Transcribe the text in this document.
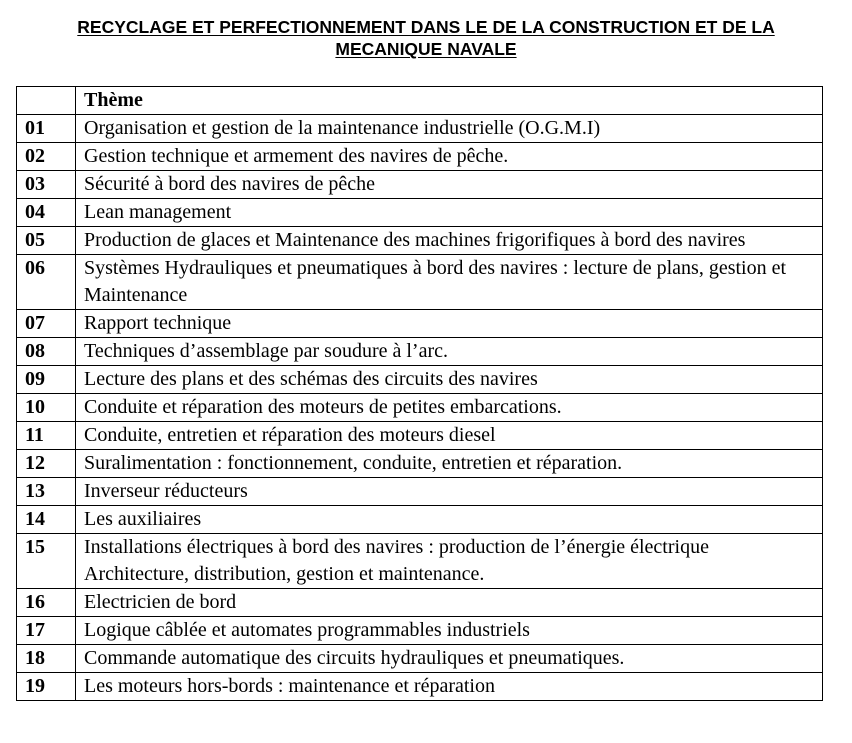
RECYCLAGE ET PERFECTIONNEMENT DANS LE DE LA CONSTRUCTION ET DE LA
MECANIQUE NAVALE
	Thème
01	Organisation et gestion de la maintenance industrielle (O.G.M.I)
02	Gestion technique et armement des navires de pêche.
03	Sécurité à bord des navires de pêche
04	Lean management
05	Production de glaces et Maintenance des machines frigorifiques à bord des navires
06	Systèmes Hydrauliques et pneumatiques à bord des navires : lecture de plans, gestion et Maintenance
07	Rapport technique
08	Techniques d’assemblage par soudure à l’arc.
09	Lecture des plans et des schémas des circuits des navires
10	Conduite et réparation des moteurs de petites embarcations.
11	Conduite, entretien et réparation des moteurs diesel
12	Suralimentation : fonctionnement, conduite, entretien et réparation.
13	Inverseur réducteurs
14	Les auxiliaires
15	Installations électriques à bord des navires : production de l’énergie électrique Architecture, distribution, gestion et maintenance.
16	Electricien de bord
17	Logique câblée et automates programmables industriels
18	Commande automatique des circuits hydrauliques et pneumatiques.
19	Les moteurs hors-bords : maintenance et réparation
